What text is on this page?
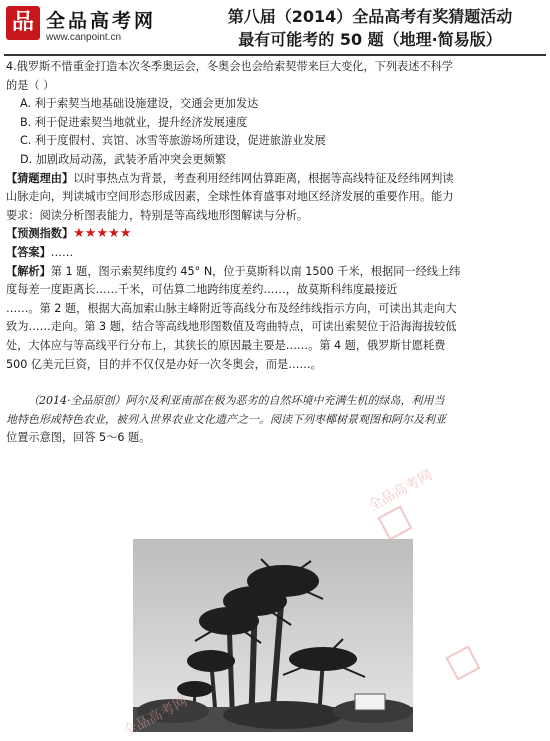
品 全品高考网
www.canpoint.cn
第八届（2014）全品高考有奖猜题活动
最有可能考的 50 题（地理·简易版）
4.俄罗斯不惜重金打造本次冬季奥运会，冬奥会也会给索契带来巨大变化，下列表述不科学
的是（ ）
A. 利于索契当地基础设施建设，交通会更加发达
B. 利于促进索契当地就业，提升经济发展速度
C. 利于度假村、宾馆、冰雪等旅游场所建设，促进旅游业发展
D. 加剧政局动荡，武装矛盾冲突会更频繁
【猜题理由】以时事热点为背景，考查利用经纬网估算距离，根据等高线特征及经纬网判读
山脉走向，判读城市空间形态形成因素，全球性体育盛事对地区经济发展的重要作用。能力
要求：阅读分析图表能力，特别是等高线地形图解读与分析。
【预测指数】★★★★★
【答案】……
【解析】第 1 题，图示索契纬度约 45° N，位于莫斯科以南 1500 千米，根据同一经线上纬
度每差一度距离长……千米，可估算二地跨纬度差约……，故莫斯科纬度最接近
……。第 2 题，根据大高加索山脉主峰附近等高线分布及经纬线指示方向，可读出其走向大
致为……走向。第 3 题，结合等高线地形图数值及弯曲特点，可读出索契位于沿海海拔较低
处，大体应与等高线平行分布上，其狭长的原因最主要是……。第 4 题，俄罗斯甘愿耗费
500 亿美元巨资，目的并不仅仅是办好一次冬奥会，而是……。
（2014·全品原创）阿尔及利亚南部在极为恶劣的自然环境中充满生机的绿岛，利用当
地特色形成特色农业，被列入世界农业文化遗产之一。阅读下列枣椰树景观图和阿尔及利亚
位置示意图，回答 5～6 题。
全品高考网
全品高考网
